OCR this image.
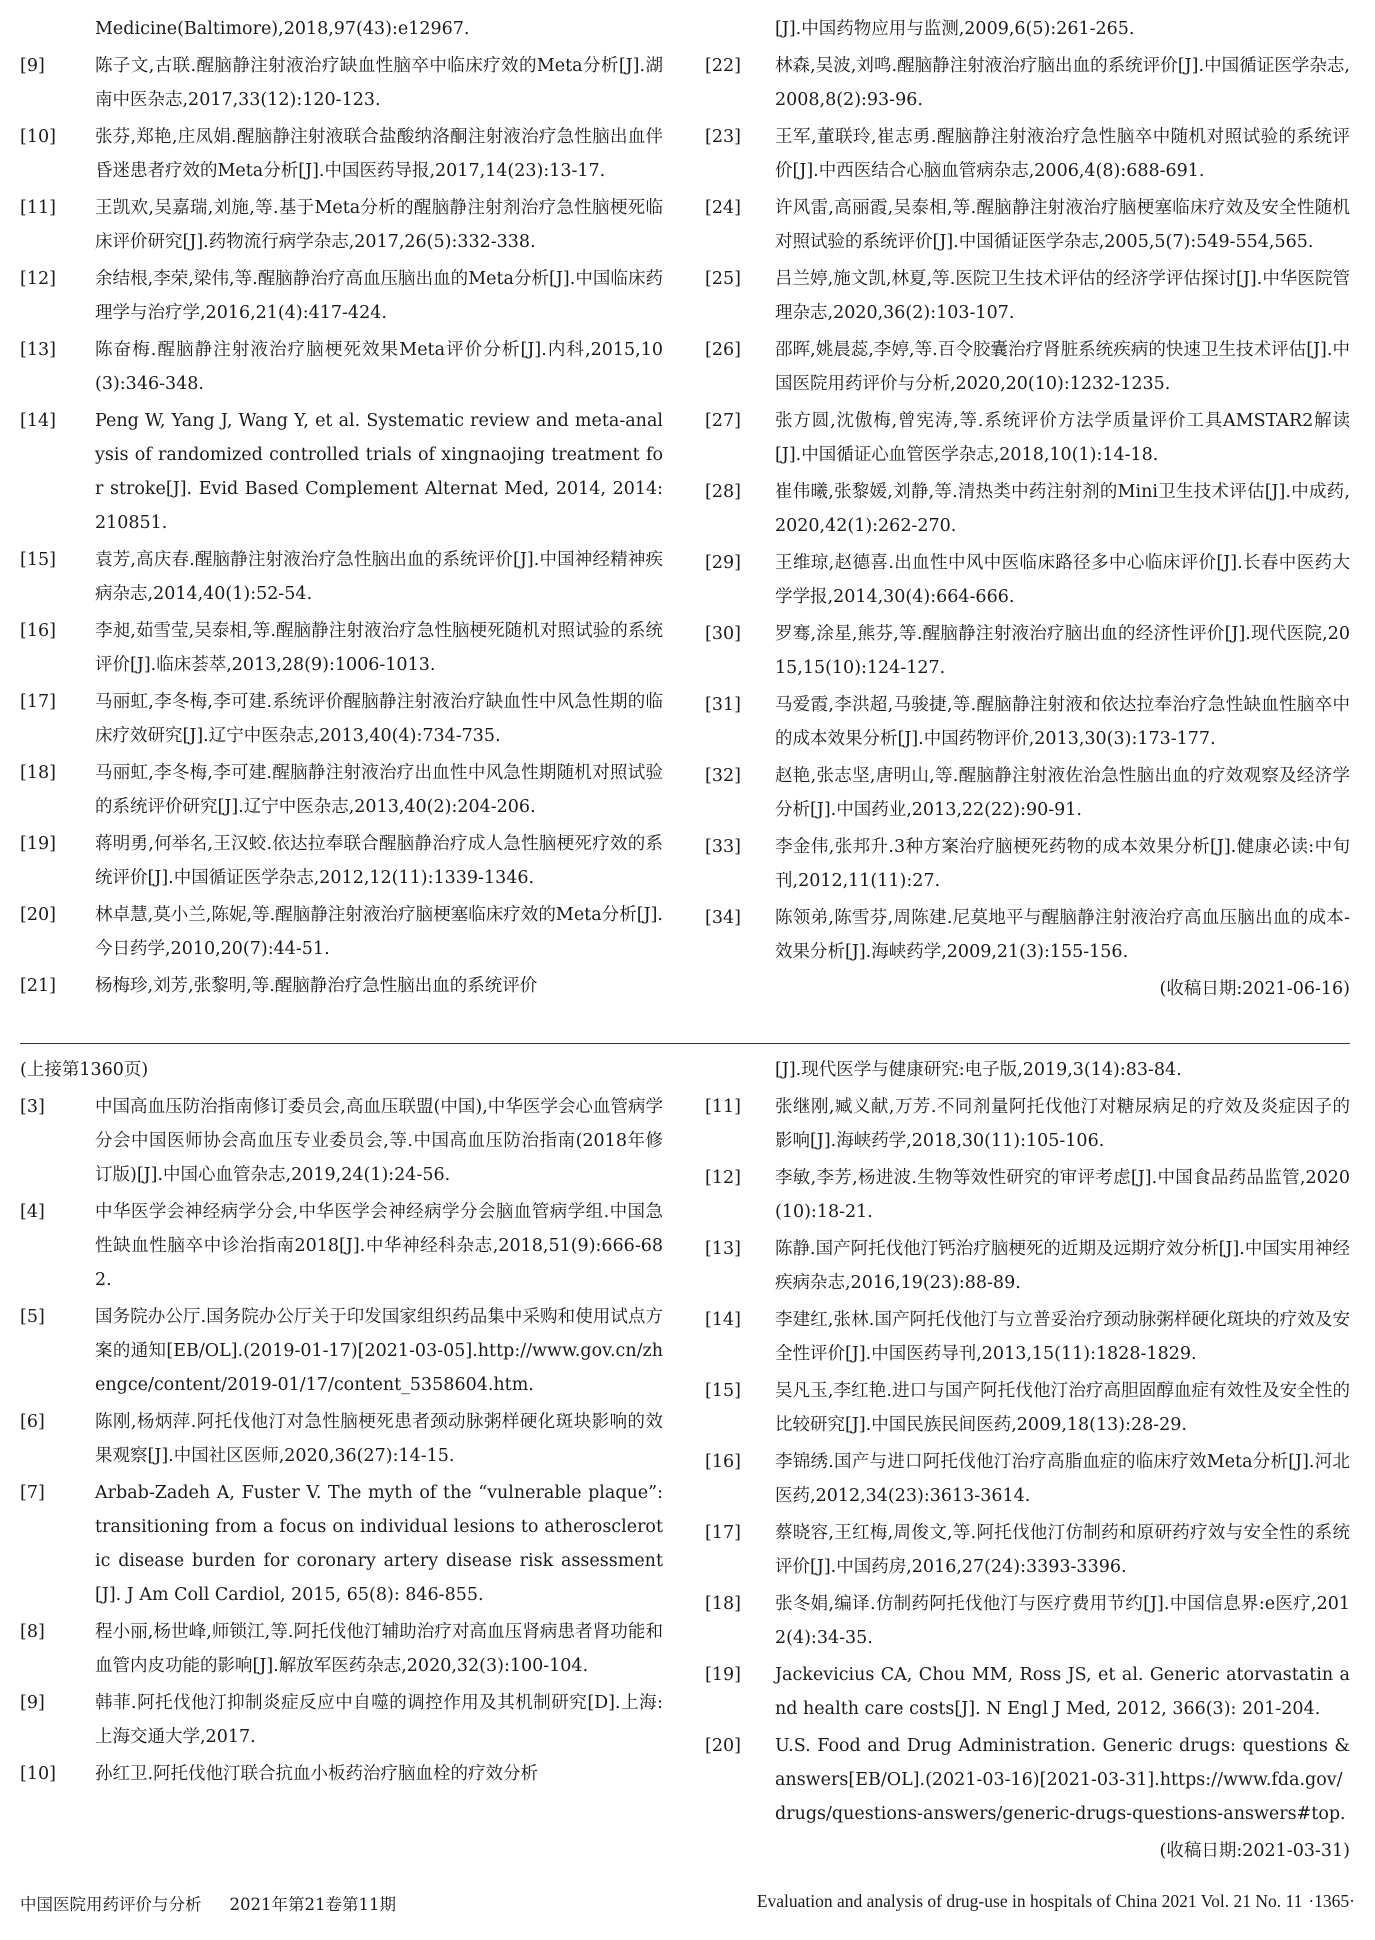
Medicine(Baltimore),2018,97(43):e12967.
[9]	陈子文,古联.醒脑静注射液治疗缺血性脑卒中临床疗效的Meta分析[J].湖南中医杂志,2017,33(12):120-123.
[10]	张芬,郑艳,庄凤娟.醒脑静注射液联合盐酸纳洛酮注射液治疗急性脑出血伴昏迷患者疗效的Meta分析[J].中国医药导报,2017,14(23):13-17.
[11]	王凯欢,吴嘉瑞,刘施,等.基于Meta分析的醒脑静注射剂治疗急性脑梗死临床评价研究[J].药物流行病学杂志,2017,26(5):332-338.
[12]	余结根,李荣,梁伟,等.醒脑静治疗高血压脑出血的Meta分析[J].中国临床药理学与治疗学,2016,21(4):417-424.
[13]	陈奋梅.醒脑静注射液治疗脑梗死效果Meta评价分析[J].内科,2015,10(3):346-348.
[14]	Peng W, Yang J, Wang Y, et al. Systematic review and meta-analysis of randomized controlled trials of xingnaojing treatment for stroke[J]. Evid Based Complement Alternat Med, 2014, 2014: 210851.
[15]	袁芳,高庆春.醒脑静注射液治疗急性脑出血的系统评价[J].中国神经精神疾病杂志,2014,40(1):52-54.
[16]	李昶,茹雪莹,吴泰相,等.醒脑静注射液治疗急性脑梗死随机对照试验的系统评价[J].临床荟萃,2013,28(9):1006-1013.
[17]	马丽虹,李冬梅,李可建.系统评价醒脑静注射液治疗缺血性中风急性期的临床疗效研究[J].辽宁中医杂志,2013,40(4):734-735.
[18]	马丽虹,李冬梅,李可建.醒脑静注射液治疗出血性中风急性期随机对照试验的系统评价研究[J].辽宁中医杂志,2013,40(2):204-206.
[19]	蒋明勇,何举名,王汉蛟.依达拉奉联合醒脑静治疗成人急性脑梗死疗效的系统评价[J].中国循证医学杂志,2012,12(11):1339-1346.
[20]	林卓慧,莫小兰,陈妮,等.醒脑静注射液治疗脑梗塞临床疗效的Meta分析[J].今日药学,2010,20(7):44-51.
[21]	杨梅珍,刘芳,张黎明,等.醒脑静治疗急性脑出血的系统评价
[J].中国药物应用与监测,2009,6(5):261-265.
[22]	林森,吴波,刘鸣.醒脑静注射液治疗脑出血的系统评价[J].中国循证医学杂志,2008,8(2):93-96.
[23]	王军,董联玲,崔志勇.醒脑静注射液治疗急性脑卒中随机对照试验的系统评价[J].中西医结合心脑血管病杂志,2006,4(8):688-691.
[24]	许风雷,高丽霞,吴泰相,等.醒脑静注射液治疗脑梗塞临床疗效及安全性随机对照试验的系统评价[J].中国循证医学杂志,2005,5(7):549-554,565.
[25]	吕兰婷,施文凯,林夏,等.医院卫生技术评估的经济学评估探讨[J].中华医院管理杂志,2020,36(2):103-107.
[26]	邵晖,姚晨蕊,李婷,等.百令胶囊治疗肾脏系统疾病的快速卫生技术评估[J].中国医院用药评价与分析,2020,20(10):1232-1235.
[27]	张方圆,沈傲梅,曾宪涛,等.系统评价方法学质量评价工具AMSTAR2解读[J].中国循证心血管医学杂志,2018,10(1):14-18.
[28]	崔伟曦,张黎媛,刘静,等.清热类中药注射剂的Mini卫生技术评估[J].中成药,2020,42(1):262-270.
[29]	王维琼,赵德喜.出血性中风中医临床路径多中心临床评价[J].长春中医药大学学报,2014,30(4):664-666.
[30]	罗骞,涂星,熊芬,等.醒脑静注射液治疗脑出血的经济性评价[J].现代医院,2015,15(10):124-127.
[31]	马爱霞,李洪超,马骏捷,等.醒脑静注射液和依达拉奉治疗急性缺血性脑卒中的成本效果分析[J].中国药物评价,2013,30(3):173-177.
[32]	赵艳,张志坚,唐明山,等.醒脑静注射液佐治急性脑出血的疗效观察及经济学分析[J].中国药业,2013,22(22):90-91.
[33]	李金伟,张邦升.3种方案治疗脑梗死药物的成本效果分析[J].健康必读:中旬刊,2012,11(11):27.
[34]	陈领弟,陈雪芬,周陈建.尼莫地平与醒脑静注射液治疗高血压脑出血的成本-效果分析[J].海峡药学,2009,21(3):155-156.
(收稿日期:2021-06-16)
(上接第1360页)
[3]	中国高血压防治指南修订委员会,高血压联盟(中国),中华医学会心血管病学分会中国医师协会高血压专业委员会,等.中国高血压防治指南(2018年修订版)[J].中国心血管杂志,2019,24(1):24-56.
[4]	中华医学会神经病学分会,中华医学会神经病学分会脑血管病学组.中国急性缺血性脑卒中诊治指南2018[J].中华神经科杂志,2018,51(9):666-682.
[5]	国务院办公厅.国务院办公厅关于印发国家组织药品集中采购和使用试点方案的通知[EB/OL].(2019-01-17)[2021-03-05].http://www.gov.cn/zhengce/content/2019-01/17/content_5358604.htm.
[6]	陈刚,杨炳萍.阿托伐他汀对急性脑梗死患者颈动脉粥样硬化斑块影响的效果观察[J].中国社区医师,2020,36(27):14-15.
[7]	Arbab-Zadeh A, Fuster V. The myth of the “vulnerable plaque”: transitioning from a focus on individual lesions to atherosclerotic disease burden for coronary artery disease risk assessment[J]. J Am Coll Cardiol, 2015, 65(8): 846-855.
[8]	程小丽,杨世峰,师锁江,等.阿托伐他汀辅助治疗对高血压肾病患者肾功能和血管内皮功能的影响[J].解放军医药杂志,2020,32(3):100-104.
[9]	韩菲.阿托伐他汀抑制炎症反应中自噬的调控作用及其机制研究[D].上海:上海交通大学,2017.
[10]	孙红卫.阿托伐他汀联合抗血小板药治疗脑血栓的疗效分析
[J].现代医学与健康研究:电子版,2019,3(14):83-84.
[11]	张继刚,臧义献,万芳.不同剂量阿托伐他汀对糖尿病足的疗效及炎症因子的影响[J].海峡药学,2018,30(11):105-106.
[12]	李敏,李芳,杨进波.生物等效性研究的审评考虑[J].中国食品药品监管,2020(10):18-21.
[13]	陈静.国产阿托伐他汀钙治疗脑梗死的近期及远期疗效分析[J].中国实用神经疾病杂志,2016,19(23):88-89.
[14]	李建红,张林.国产阿托伐他汀与立普妥治疗颈动脉粥样硬化斑块的疗效及安全性评价[J].中国医药导刊,2013,15(11):1828-1829.
[15]	吴凡玉,李红艳.进口与国产阿托伐他汀治疗高胆固醇血症有效性及安全性的比较研究[J].中国民族民间医药,2009,18(13):28-29.
[16]	李锦绣.国产与进口阿托伐他汀治疗高脂血症的临床疗效Meta分析[J].河北医药,2012,34(23):3613-3614.
[17]	蔡晓容,王红梅,周俊文,等.阿托伐他汀仿制药和原研药疗效与安全性的系统评价[J].中国药房,2016,27(24):3393-3396.
[18]	张冬娟,编译.仿制药阿托伐他汀与医疗费用节约[J].中国信息界:e医疗,2012(4):34-35.
[19]	Jackevicius CA, Chou MM, Ross JS, et al. Generic atorvastatin and health care costs[J]. N Engl J Med, 2012, 366(3): 201-204.
[20]	U.S. Food and Drug Administration. Generic drugs: questions & answers[EB/OL].(2021-03-16)[2021-03-31].https://www.fda.gov/drugs/questions-answers/generic-drugs-questions-answers#top.
(收稿日期:2021-03-31)
中国医院用药评价与分析 2021年第21卷第11期	Evaluation and analysis of drug-use in hospitals of China 2021 Vol. 21 No. 11 ·1365·
